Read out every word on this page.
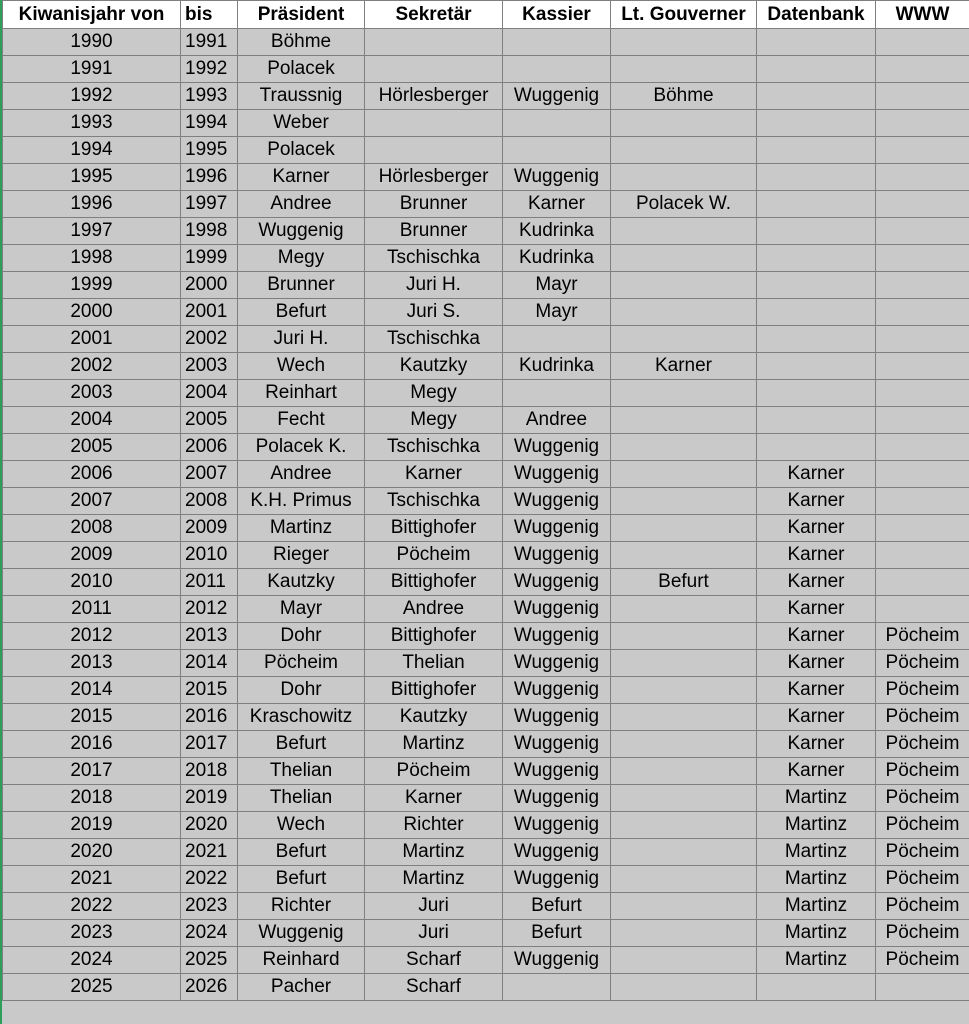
Kiwanisjahr von	bis	Präsident	Sekretär	Kassier	Lt. Gouverner	Datenbank	WWW
1990	1991	Böhme					
1991	1992	Polacek					
1992	1993	Traussnig	Hörlesberger	Wuggenig	Böhme		
1993	1994	Weber					
1994	1995	Polacek					
1995	1996	Karner	Hörlesberger	Wuggenig			
1996	1997	Andree	Brunner	Karner	Polacek W.		
1997	1998	Wuggenig	Brunner	Kudrinka			
1998	1999	Megy	Tschischka	Kudrinka			
1999	2000	Brunner	Juri H.	Mayr			
2000	2001	Befurt	Juri S.	Mayr			
2001	2002	Juri H.	Tschischka				
2002	2003	Wech	Kautzky	Kudrinka	Karner		
2003	2004	Reinhart	Megy				
2004	2005	Fecht	Megy	Andree			
2005	2006	Polacek K.	Tschischka	Wuggenig			
2006	2007	Andree	Karner	Wuggenig		Karner	
2007	2008	K.H. Primus	Tschischka	Wuggenig		Karner	
2008	2009	Martinz	Bittighofer	Wuggenig		Karner	
2009	2010	Rieger	Pöcheim	Wuggenig		Karner	
2010	2011	Kautzky	Bittighofer	Wuggenig	Befurt	Karner	
2011	2012	Mayr	Andree	Wuggenig		Karner	
2012	2013	Dohr	Bittighofer	Wuggenig		Karner	Pöcheim
2013	2014	Pöcheim	Thelian	Wuggenig		Karner	Pöcheim
2014	2015	Dohr	Bittighofer	Wuggenig		Karner	Pöcheim
2015	2016	Kraschowitz	Kautzky	Wuggenig		Karner	Pöcheim
2016	2017	Befurt	Martinz	Wuggenig		Karner	Pöcheim
2017	2018	Thelian	Pöcheim	Wuggenig		Karner	Pöcheim
2018	2019	Thelian	Karner	Wuggenig		Martinz	Pöcheim
2019	2020	Wech	Richter	Wuggenig		Martinz	Pöcheim
2020	2021	Befurt	Martinz	Wuggenig		Martinz	Pöcheim
2021	2022	Befurt	Martinz	Wuggenig		Martinz	Pöcheim
2022	2023	Richter	Juri	Befurt		Martinz	Pöcheim
2023	2024	Wuggenig	Juri	Befurt		Martinz	Pöcheim
2024	2025	Reinhard	Scharf	Wuggenig		Martinz	Pöcheim
2025	2026	Pacher	Scharf				
